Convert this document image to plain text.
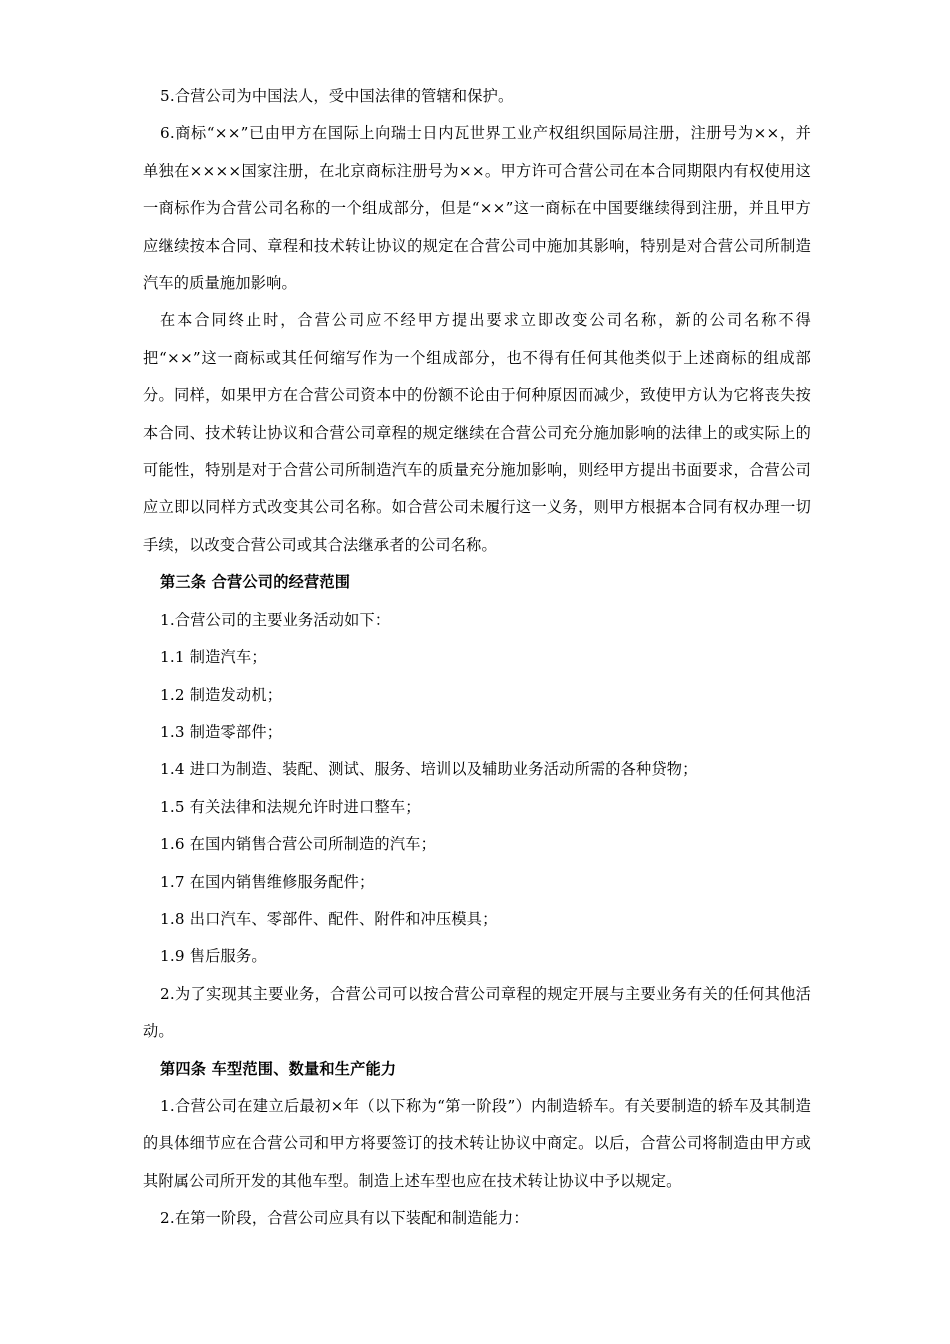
5.合营公司为中国法人，受中国法律的管辖和保护。

6.商标“××”已由甲方在国际上向瑞士日内瓦世界工业产权组织国际局注册，注册号为××，并单独在××××国家注册，在北京商标注册号为××。甲方许可合营公司在本合同期限内有权使用这一商标作为合营公司名称的一个组成部分，但是“××”这一商标在中国要继续得到注册，并且甲方应继续按本合同、章程和技术转让协议的规定在合营公司中施加其影响，特别是对合营公司所制造汽车的质量施加影响。

在本合同终止时，合营公司应不经甲方提出要求立即改变公司名称，新的公司名称不得把“××”这一商标或其任何缩写作为一个组成部分，也不得有任何其他类似于上述商标的组成部分。同样，如果甲方在合营公司资本中的份额不论由于何种原因而减少，致使甲方认为它将丧失按本合同、技术转让协议和合营公司章程的规定继续在合营公司充分施加影响的法律上的或实际上的可能性，特别是对于合营公司所制造汽车的质量充分施加影响，则经甲方提出书面要求，合营公司应立即以同样方式改变其公司名称。如合营公司未履行这一义务，则甲方根据本合同有权办理一切手续，以改变合营公司或其合法继承者的公司名称。

第三条 合营公司的经营范围

1.合营公司的主要业务活动如下：

1.1 制造汽车；

1.2 制造发动机；

1.3 制造零部件；

1.4 进口为制造、装配、测试、服务、培训以及辅助业务活动所需的各种贷物；

1.5 有关法律和法规允许时进口整车；

1.6 在国内销售合营公司所制造的汽车；

1.7 在国内销售维修服务配件；

1.8 出口汽车、零部件、配件、附件和冲压模具；

1.9 售后服务。

2.为了实现其主要业务，合营公司可以按合营公司章程的规定开展与主要业务有关的任何其他活动。

第四条 车型范围、数量和生产能力

1.合营公司在建立后最初×年（以下称为“第一阶段”）内制造轿车。有关要制造的轿车及其制造的具体细节应在合营公司和甲方将要签订的技术转让协议中商定。以后，合营公司将制造由甲方或其附属公司所开发的其他车型。制造上述车型也应在技术转让协议中予以规定。

2.在第一阶段，合营公司应具有以下装配和制造能力：
